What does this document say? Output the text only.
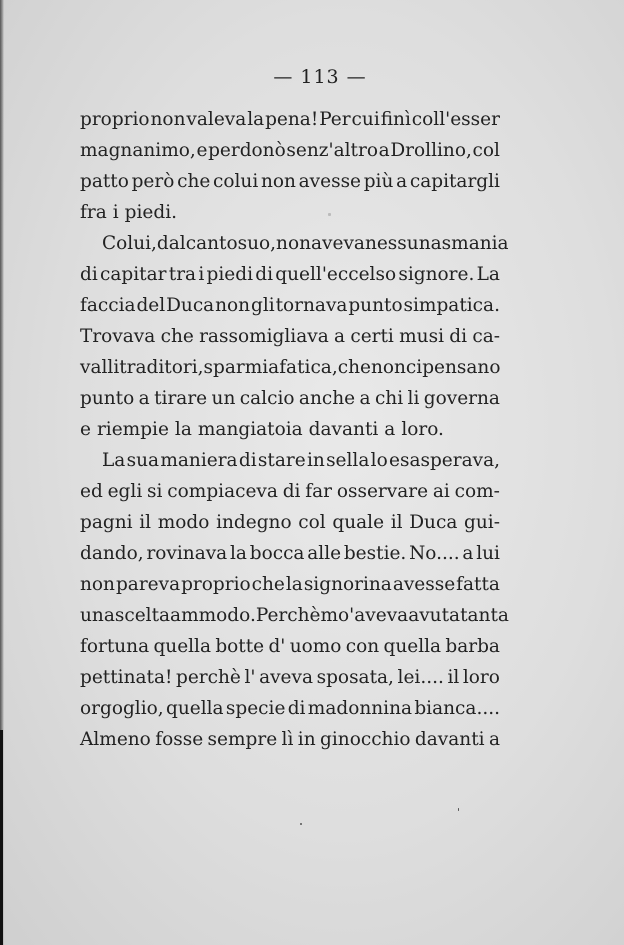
— 113 —
proprio non valeva la pena! Per cui finì coll'esser
magnanimo, e perdonò senz'altro a Drollino, col
patto però che colui non avesse più a capitargli
fra i piedi.
Colui, dal canto suo, non aveva nessuna smania
di capitar tra i piedi di quell'eccelso signore. La
faccia del Duca non gli tornava punto simpatica.
Trovava che rassomigliava a certi musi di ca-
valli traditori, sparmiafatica, che non ci pensano
punto a tirare un calcio anche a chi li governa
e riempie la mangiatoia davanti a loro.
La sua maniera di stare in sella lo esasperava,
ed egli si compiaceva di far osservare ai com-
pagni il modo indegno col quale il Duca gui-
dando, rovinava la bocca alle bestie. No.... a lui
non pareva proprio che la signorina avesse fatta
una scelta ammodo. Perchè mo' aveva avuta tanta
fortuna quella botte d' uomo con quella barba
pettinata! perchè l' aveva sposata, lei.... il loro
orgoglio, quella specie di madonnina bianca....
Almeno fosse sempre lì in ginocchio davanti a
